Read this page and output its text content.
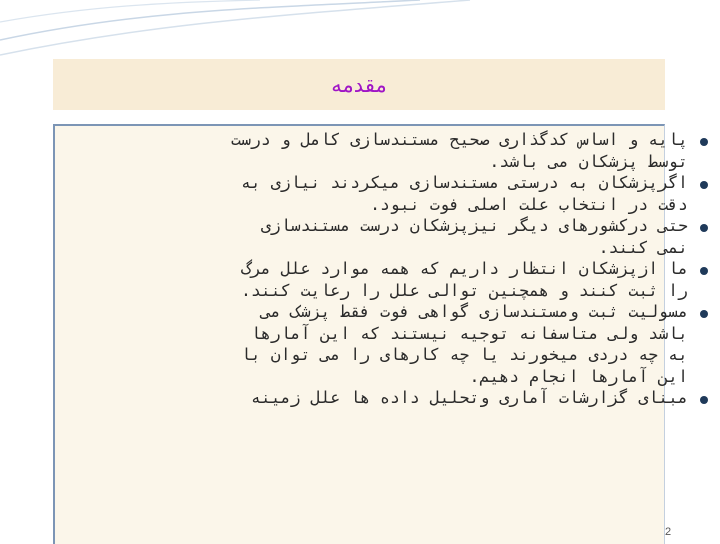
مقدمه
پایه و اساس کدگذاری صحیح مستندسازی کامل و درست
توسط پزشکان می باشد.
اگرپزشکان به درستی مستندسازی میکردند نیازی به
دقت در انتخاب علت اصلی فوت نبود.
حتی درکشورهای دیگر نیزپزشکان درست مستندسازی
نمی کنند.
ما ازپزشکان انتظار داریم که همه موارد علل مرگ
را ثبت کنند و همچنین توالی علل را رعایت کنند.
مسولیت ثبت ومستندسازی گواهی فوت فقط پزشک می
باشد ولی متاسفانه توجیه نیستند که این آمارها
به چه دردی میخورند یا چه کارهای را می توان با
این آمارها انجام دهیم.
مبنای گزارشات آماری وتحلیل داده ها علل زمینه
2
